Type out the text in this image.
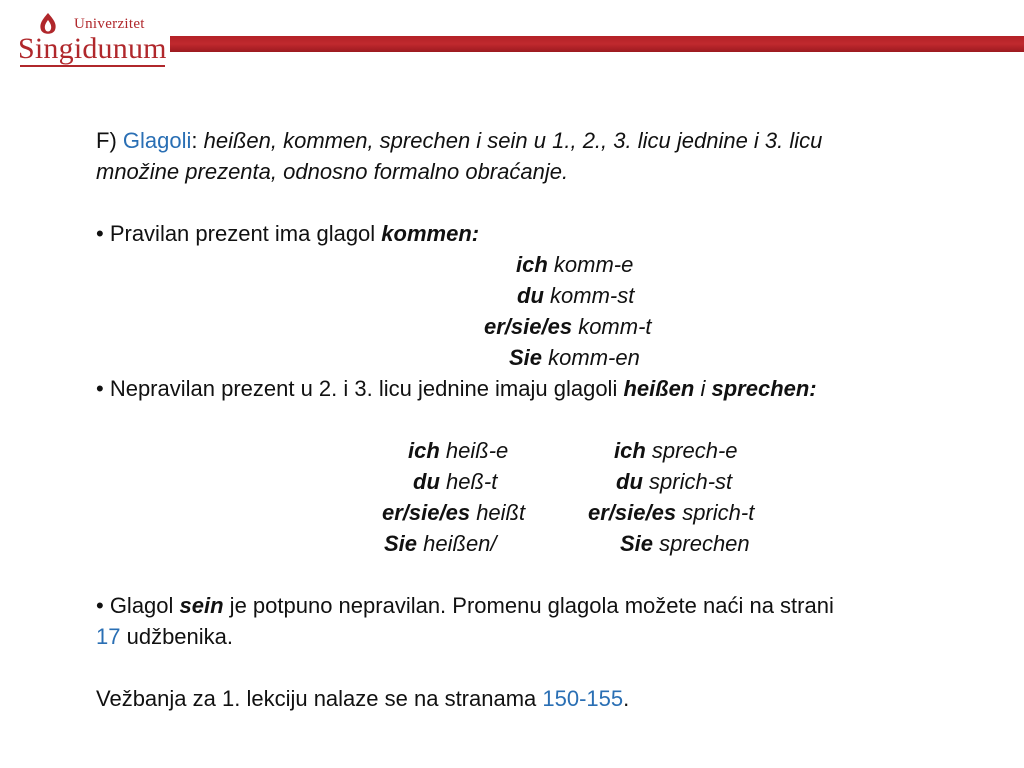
Univerzitet
Singidunum

F) Glagoli: heißen, kommen, sprechen i sein u 1., 2., 3. licu jednine i 3. licu

množine prezenta, odnosno formalno obraćanje.

• Pravilan prezent ima glagol kommen:

ich komm-e
du komm-st
er/sie/es komm-t
Sie komm-en

• Nepravilan prezent u 2. i 3. licu jednine imaju glagoli heißen i sprechen:

ich heiß-e	ich sprech-e
du heß-t	du sprich-st
er/sie/es heißt	er/sie/es sprich-t
Sie heißen/	Sie sprechen

• Glagol sein je potpuno nepravilan. Promenu glagola možete naći na strani

17 udžbenika.

Vežbanja za 1. lekciju nalaze se na stranama 150-155.
